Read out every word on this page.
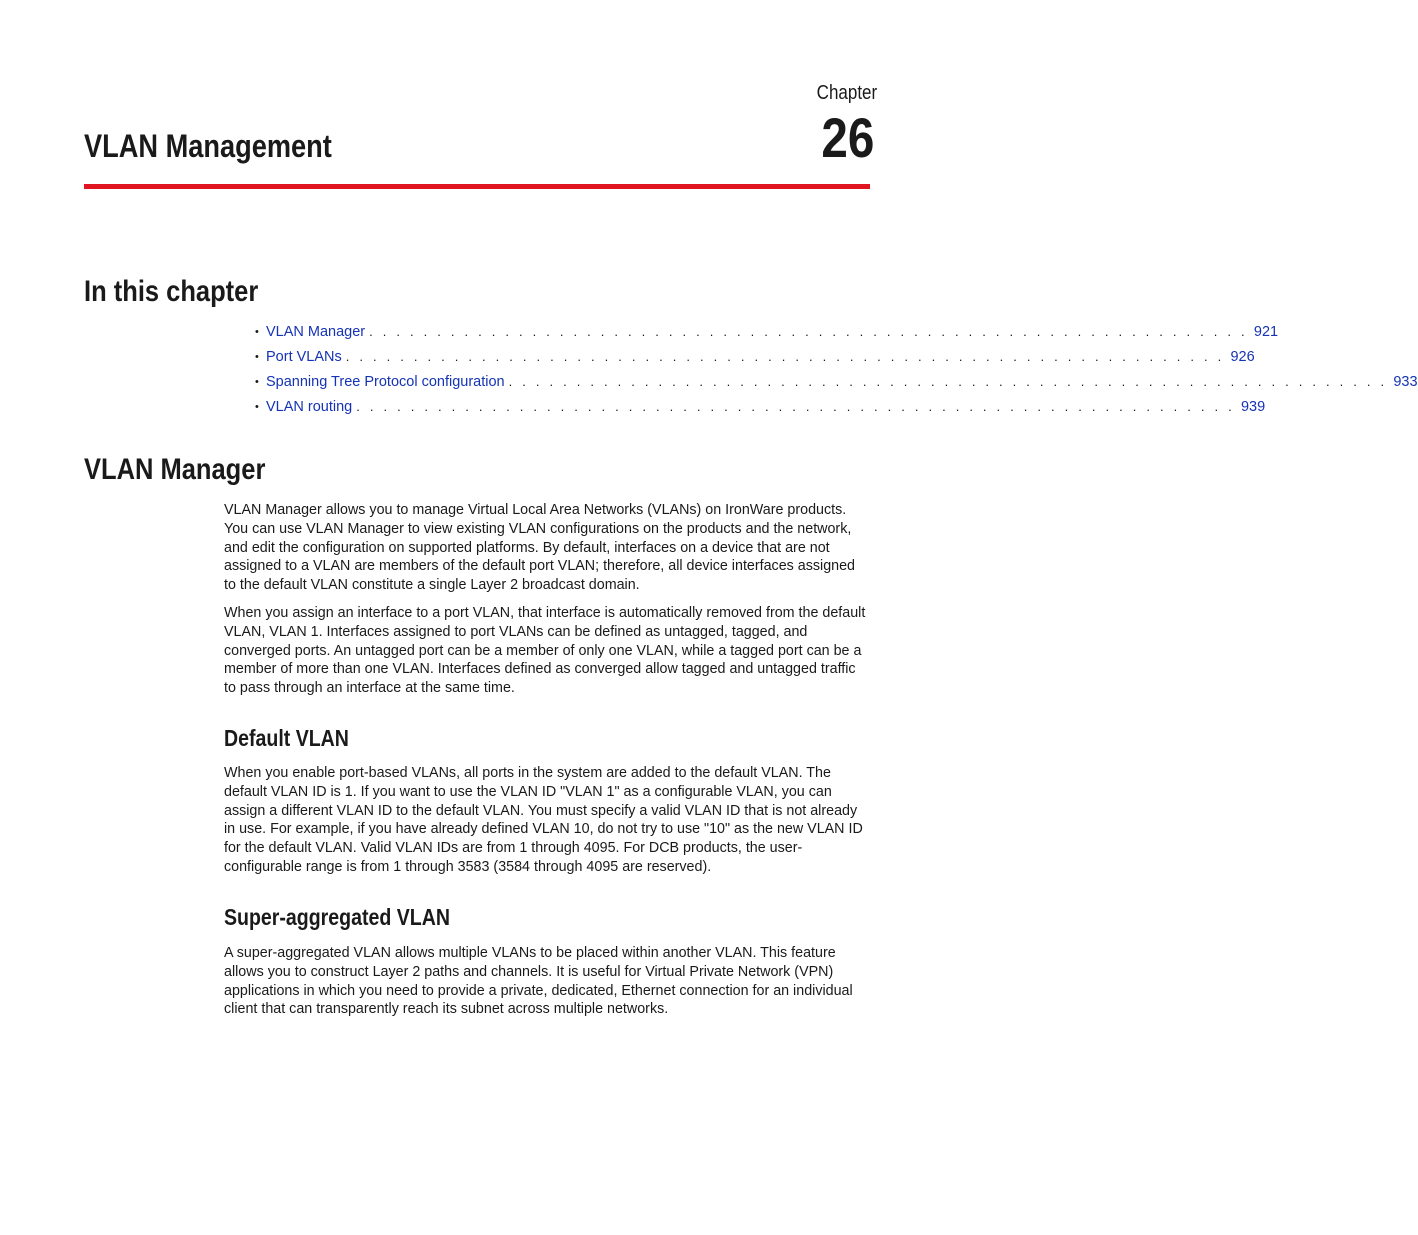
Chapter
26
VLAN Management
In this chapter
• VLAN Manager . . . . . . . . . . . . . . . . . . . . . . . . . . . . . . . . . . . . . . . . . . . . . . . . . . . . . . . . . . . . . . . . . 921
• Port VLANs . . . . . . . . . . . . . . . . . . . . . . . . . . . . . . . . . . . . . . . . . . . . . . . . . . . . . . . . . . . . . . . . . 926
• Spanning Tree Protocol configuration . . . . . . . . . . . . . . . . . . . . . . . . . . . . . . . . . . . . . . . . . . . . . . . . . . . . . . . . . . . . . . . . . 933
• VLAN routing . . . . . . . . . . . . . . . . . . . . . . . . . . . . . . . . . . . . . . . . . . . . . . . . . . . . . . . . . . . . . . . . . 939
VLAN Manager

VLAN Manager allows you to manage Virtual Local Area Networks (VLANs) on IronWare products. You can use VLAN Manager to view existing VLAN configurations on the products and the network, and edit the configuration on supported platforms. By default, interfaces on a device that are not assigned to a VLAN are members of the default port VLAN; therefore, all device interfaces assigned to the default VLAN constitute a single Layer 2 broadcast domain.

When you assign an interface to a port VLAN, that interface is automatically removed from the default VLAN, VLAN 1. Interfaces assigned to port VLANs can be defined as untagged, tagged, and converged ports. An untagged port can be a member of only one VLAN, while a tagged port can be a member of more than one VLAN. Interfaces defined as converged allow tagged and untagged traffic to pass through an interface at the same time.

Default VLAN

When you enable port-based VLANs, all ports in the system are added to the default VLAN. The default VLAN ID is 1. If you want to use the VLAN ID "VLAN 1" as a configurable VLAN, you can assign a different VLAN ID to the default VLAN. You must specify a valid VLAN ID that is not already in use. For example, if you have already defined VLAN 10, do not try to use "10" as the new VLAN ID for the default VLAN. Valid VLAN IDs are from 1 through 4095. For DCB products, the user-configurable range is from 1 through 3583 (3584 through 4095 are reserved).

Super-aggregated VLAN

A super-aggregated VLAN allows multiple VLANs to be placed within another VLAN. This feature allows you to construct Layer 2 paths and channels. It is useful for Virtual Private Network (VPN) applications in which you need to provide a private, dedicated, Ethernet connection for an individual client that can transparently reach its subnet across multiple networks.
